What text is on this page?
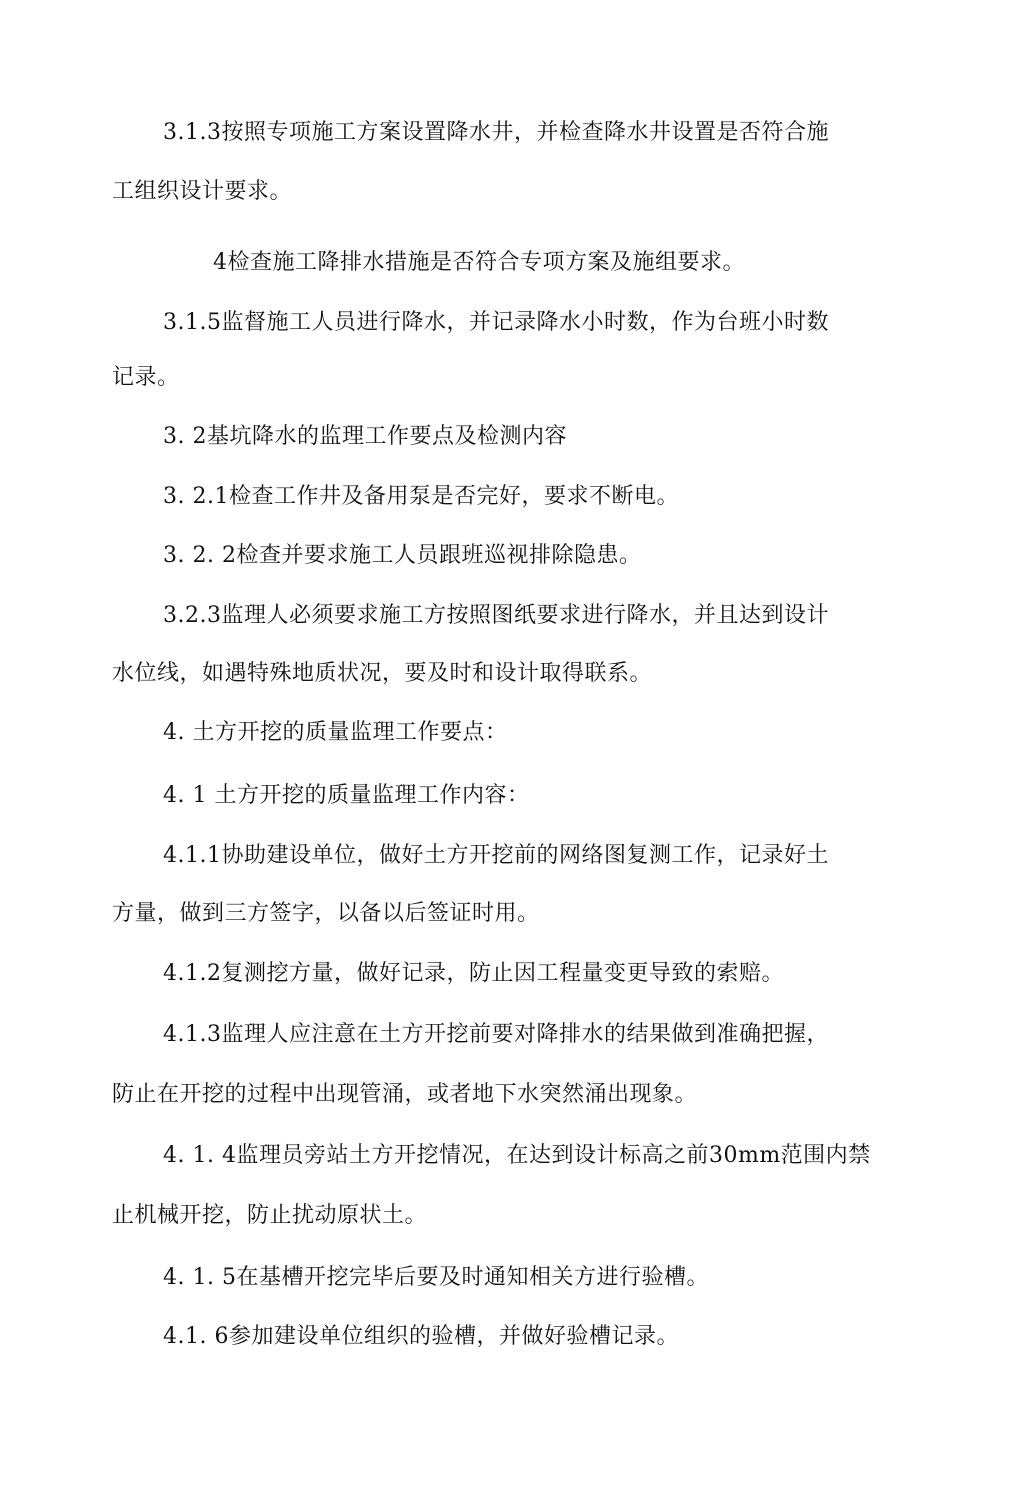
3.1.3按照专项施工方案设置降水井，并检查降水井设置是否符合施
工组织设计要求。
4检查施工降排水措施是否符合专项方案及施组要求。
3.1.5监督施工人员进行降水，并记录降水小时数，作为台班小时数
记录。
3. 2基坑降水的监理工作要点及检测内容
3. 2.1检查工作井及备用泵是否完好，要求不断电。
3. 2. 2检查并要求施工人员跟班巡视排除隐患。
3.2.3监理人必须要求施工方按照图纸要求进行降水，并且达到设计
水位线，如遇特殊地质状况，要及时和设计取得联系。
4. 土方开挖的质量监理工作要点：
4. 1 土方开挖的质量监理工作内容：
4.1.1协助建设单位，做好土方开挖前的网络图复测工作，记录好土
方量，做到三方签字，以备以后签证时用。
4.1.2复测挖方量，做好记录，防止因工程量变更导致的索赔。
4.1.3监理人应注意在土方开挖前要对降排水的结果做到准确把握，
防止在开挖的过程中出现管涌，或者地下水突然涌出现象。
4. 1. 4监理员旁站土方开挖情况，在达到设计标高之前30mm范围内禁
止机械开挖，防止扰动原状土。
4. 1. 5在基槽开挖完毕后要及时通知相关方进行验槽。
4.1. 6参加建设单位组织的验槽，并做好验槽记录。
